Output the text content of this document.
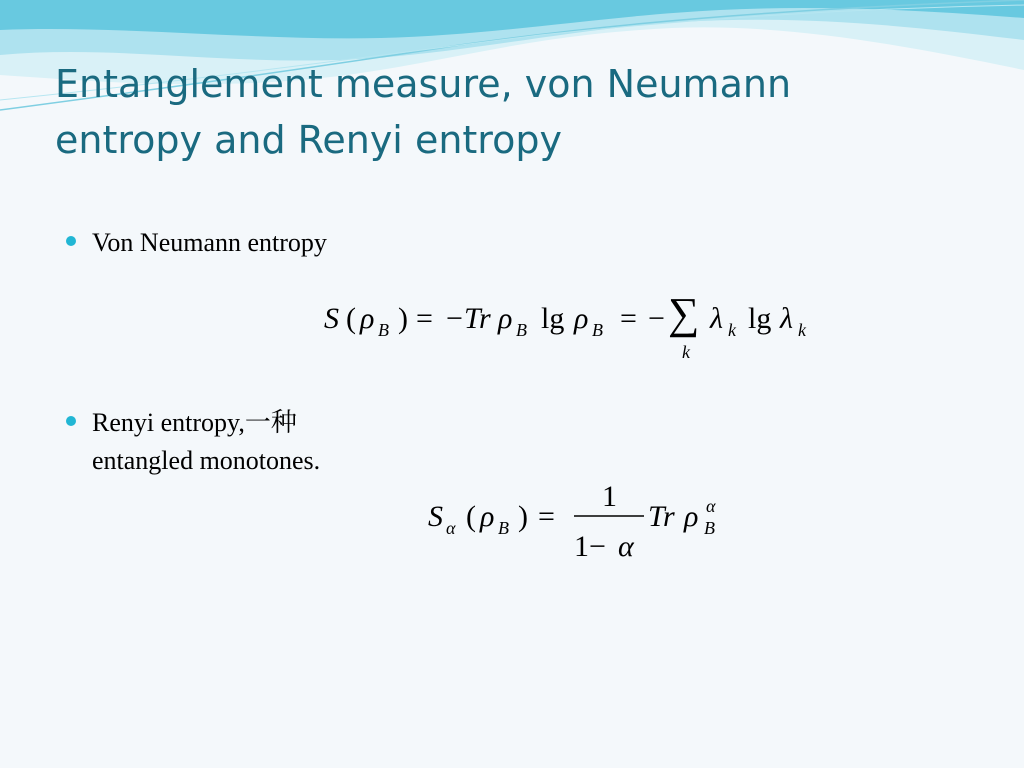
Entanglement measure, von Neumann
entropy and Renyi entropy
Von Neumann entropy
S ( ρ B ) = − Tr ρ B lg ρ B = − ∑
k
λ k lg λ k
Renyi entropy,一种
entangled monotones.
S α ( ρ B ) =
1
1− α
Tr ρ α
B
